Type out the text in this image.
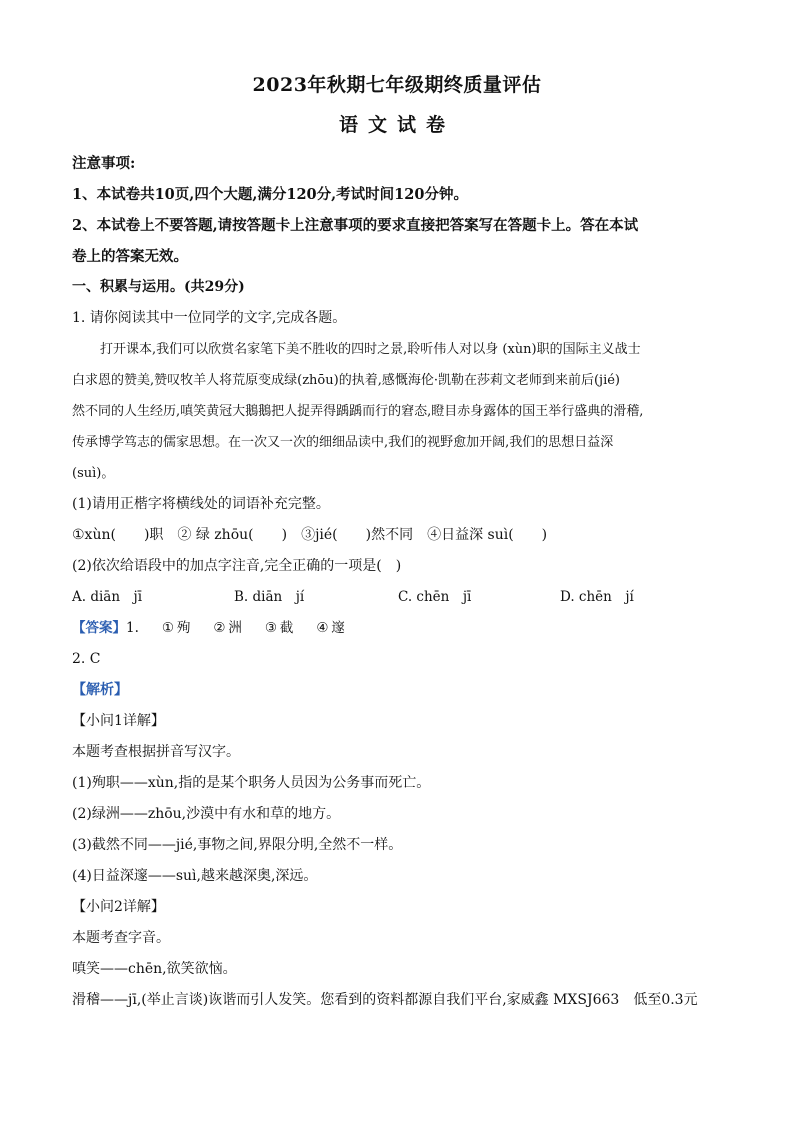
2023年秋期七年级期终质量评估
语文试卷
注意事项:
1、本试卷共10页,四个大题,满分120分,考试时间120分钟。
2、本试卷上不要答题,请按答题卡上注意事项的要求直接把答案写在答题卡上。答在本试
卷上的答案无效。
一、积累与运用。(共29分)
1. 请你阅读其中一位同学的文字,完成各题。
打开课本,我们可以欣赏名家笔下美不胜收的四时之景,聆听伟人对以身 (xùn)职的国际主义战士
白求恩的赞美,赞叹牧羊人将荒原变成绿(zhōu)的执着,感慨海伦·凯勒在莎莉文老师到来前后(jié)
然不同的人生经历,嗔笑黄冠大鵝鵝把人捉弄得踽踽而行的窘态,瞪目赤身露体的国王举行盛典的滑稽,
传承博学笃志的儒家思想。在一次又一次的细细品读中,我们的视野愈加开阔,我们的思想日益深
(suì)。
(1)请用正楷字将横线处的词语补充完整。
①xùn(　　)职　② 绿 zhōu(　　)　③jié(　　)然不同　④日益深 suì(　　)
(2)依次给语段中的加点字注音,完全正确的一项是(　)
A. diān　jī	B. diān　jí	C. chēn　jī	D. chēn　jí
【答案】 1. ① 殉 ② 洲 ③ 截 ④ 邃
2. C
【解析】
【小问1详解】
本题考查根据拼音写汉字。
(1)殉职——xùn,指的是某个职务人员因为公务事而死亡。
(2)绿洲——zhōu,沙漠中有水和草的地方。
(3)截然不同——jié,事物之间,界限分明,全然不一样。
(4)日益深邃——suì,越来越深奥,深远。
【小问2详解】
本题考查字音。
嗔笑——chēn,欲笑欲恼。
滑稽——jī,(举止言谈)诙谐而引人发笑。您看到的资料都源自我们平台,家威鑫 MXSJ663　低至0.3元
